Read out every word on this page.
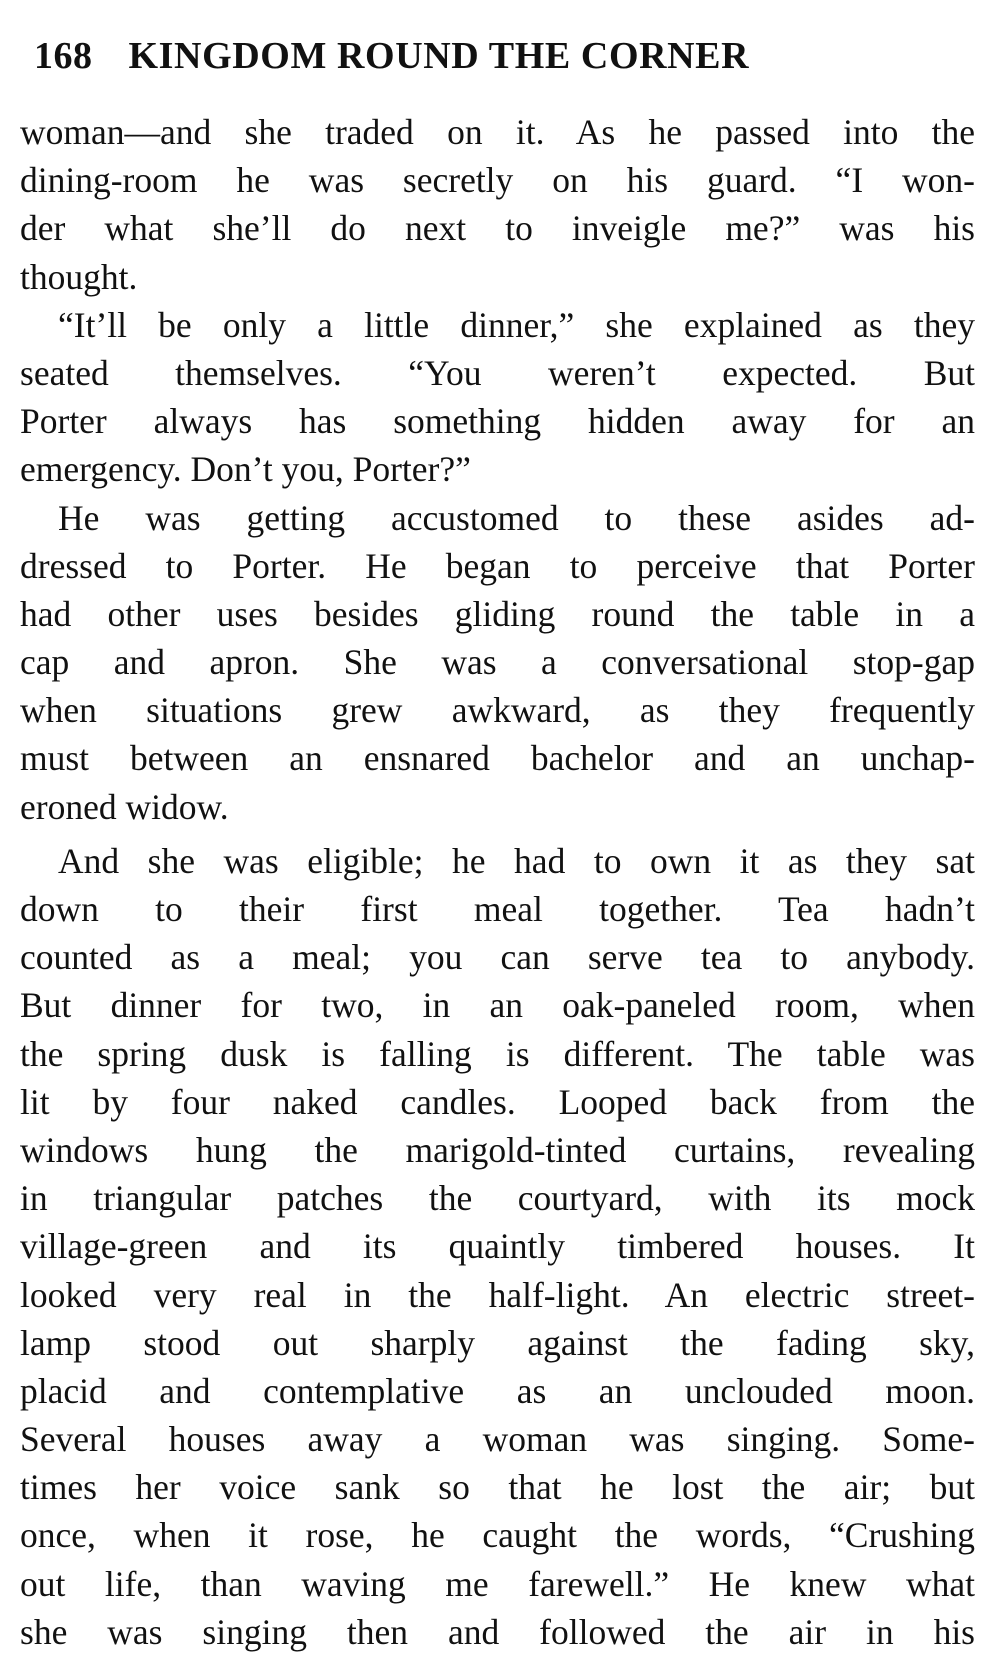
168 KINGDOM ROUND THE CORNER
woman—and she traded on it. As he passed into the
dining-room he was secretly on his guard. “I won-
der what she’ll do next to inveigle me?” was his
thought.
“It’ll be only a little dinner,” she explained as they
seated themselves. “You weren’t expected. But
Porter always has something hidden away for an
emergency. Don’t you, Porter?”
He was getting accustomed to these asides ad-
dressed to Porter. He began to perceive that Porter
had other uses besides gliding round the table in a
cap and apron. She was a conversational stop-gap
when situations grew awkward, as they frequently
must between an ensnared bachelor and an unchap-
eroned widow.
And she was eligible; he had to own it as they sat
down to their first meal together. Tea hadn’t
counted as a meal; you can serve tea to anybody.
But dinner for two, in an oak-paneled room, when
the spring dusk is falling is different. The table was
lit by four naked candles. Looped back from the
windows hung the marigold-tinted curtains, revealing
in triangular patches the courtyard, with its mock
village-green and its quaintly timbered houses. It
looked very real in the half-light. An electric street-
lamp stood out sharply against the fading sky,
placid and contemplative as an unclouded moon.
Several houses away a woman was singing. Some-
times her voice sank so that he lost the air; but
once, when it rose, he caught the words, “Crushing
out life, than waving me farewell.” He knew what
she was singing then and followed the air in his
